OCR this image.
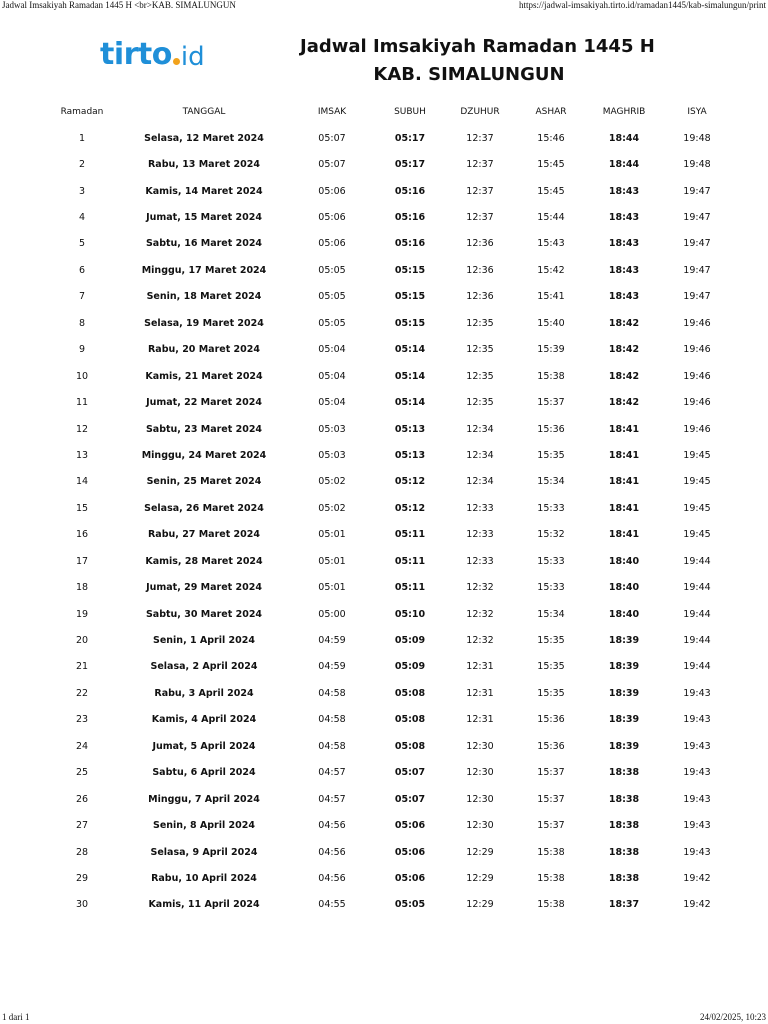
Jadwal Imsakiyah Ramadan 1445 H <br>KAB. SIMALUNGUN	https://jadwal-imsakiyah.tirto.id/ramadan1445/kab-simalungun/print
tirto id	Jadwal Imsakiyah Ramadan 1445 H
KAB. SIMALUNGUN
Ramadan	TANGGAL	IMSAK	SUBUH	DZUHUR	ASHAR	MAGHRIB	ISYA
1	Selasa, 12 Maret 2024	05:07	05:17	12:37	15:46	18:44	19:48
2	Rabu, 13 Maret 2024	05:07	05:17	12:37	15:45	18:44	19:48
3	Kamis, 14 Maret 2024	05:06	05:16	12:37	15:45	18:43	19:47
4	Jumat, 15 Maret 2024	05:06	05:16	12:37	15:44	18:43	19:47
5	Sabtu, 16 Maret 2024	05:06	05:16	12:36	15:43	18:43	19:47
6	Minggu, 17 Maret 2024	05:05	05:15	12:36	15:42	18:43	19:47
7	Senin, 18 Maret 2024	05:05	05:15	12:36	15:41	18:43	19:47
8	Selasa, 19 Maret 2024	05:05	05:15	12:35	15:40	18:42	19:46
9	Rabu, 20 Maret 2024	05:04	05:14	12:35	15:39	18:42	19:46
10	Kamis, 21 Maret 2024	05:04	05:14	12:35	15:38	18:42	19:46
11	Jumat, 22 Maret 2024	05:04	05:14	12:35	15:37	18:42	19:46
12	Sabtu, 23 Maret 2024	05:03	05:13	12:34	15:36	18:41	19:46
13	Minggu, 24 Maret 2024	05:03	05:13	12:34	15:35	18:41	19:45
14	Senin, 25 Maret 2024	05:02	05:12	12:34	15:34	18:41	19:45
15	Selasa, 26 Maret 2024	05:02	05:12	12:33	15:33	18:41	19:45
16	Rabu, 27 Maret 2024	05:01	05:11	12:33	15:32	18:41	19:45
17	Kamis, 28 Maret 2024	05:01	05:11	12:33	15:33	18:40	19:44
18	Jumat, 29 Maret 2024	05:01	05:11	12:32	15:33	18:40	19:44
19	Sabtu, 30 Maret 2024	05:00	05:10	12:32	15:34	18:40	19:44
20	Senin, 1 April 2024	04:59	05:09	12:32	15:35	18:39	19:44
21	Selasa, 2 April 2024	04:59	05:09	12:31	15:35	18:39	19:44
22	Rabu, 3 April 2024	04:58	05:08	12:31	15:35	18:39	19:43
23	Kamis, 4 April 2024	04:58	05:08	12:31	15:36	18:39	19:43
24	Jumat, 5 April 2024	04:58	05:08	12:30	15:36	18:39	19:43
25	Sabtu, 6 April 2024	04:57	05:07	12:30	15:37	18:38	19:43
26	Minggu, 7 April 2024	04:57	05:07	12:30	15:37	18:38	19:43
27	Senin, 8 April 2024	04:56	05:06	12:30	15:37	18:38	19:43
28	Selasa, 9 April 2024	04:56	05:06	12:29	15:38	18:38	19:43
29	Rabu, 10 April 2024	04:56	05:06	12:29	15:38	18:38	19:42
30	Kamis, 11 April 2024	04:55	05:05	12:29	15:38	18:37	19:42
1 dari 1	24/02/2025, 10:23
